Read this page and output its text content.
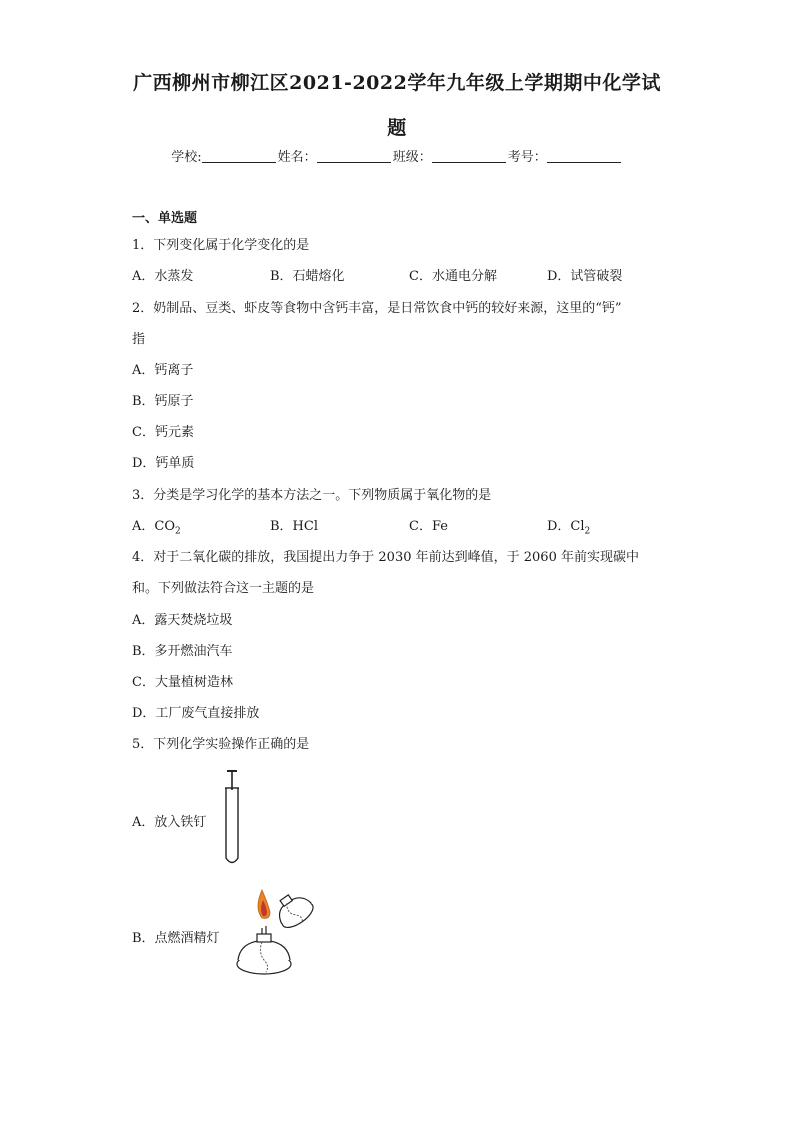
广西柳州市柳江区2021-2022学年九年级上学期期中化学试
题
学校:	姓名：	班级：	考号：
一、单选题
1．下列变化属于化学变化的是
A．水蒸发	B．石蜡熔化	C．水通电分解	D．试管破裂
2．奶制品、豆类、虾皮等食物中含钙丰富，是日常饮食中钙的较好来源，这里的“钙”
指
A．钙离子
B．钙原子
C．钙元素
D．钙单质
3．分类是学习化学的基本方法之一。下列物质属于氧化物的是
A．$CO_2$	B．HCl	C．Fe	D．$Cl_2$
4．对于二氧化碳的排放，我国提出力争于 2030 年前达到峰值，于 2060 年前实现碳中
和。下列做法符合这一主题的是
A．露天焚烧垃圾
B．多开燃油汽车
C．大量植树造林
D．工厂废气直接排放
5．下列化学实验操作正确的是
A．放入铁钉
B．点燃酒精灯
